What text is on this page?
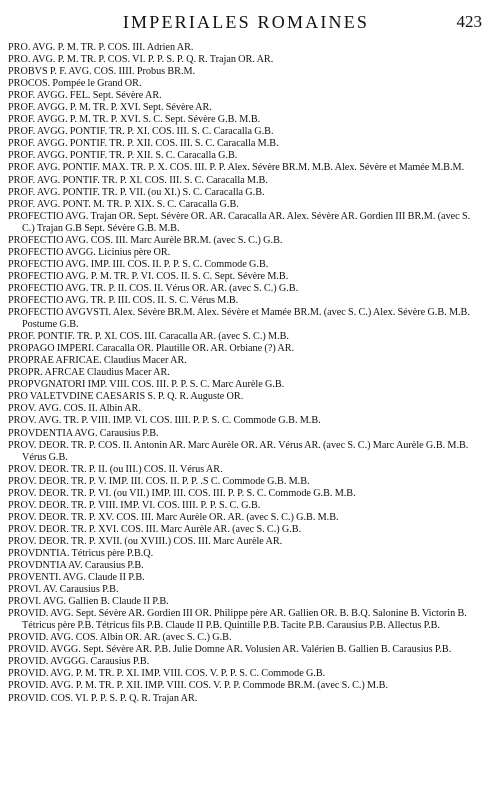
IMPERIALES ROMAINES	423
PRO. AVG. P. M. TR. P. COS. III. Adrien AR.
PRO. AVG. P. M. TR. P. COS. VI. P. P. S. P. Q. R. Trajan OR. AR.
PROBVS P. F. AVG. COS. IIII. Probus BR.M.
PROCOS. Pompée le Grand OR.
PROF. AVGG. FEL. Sept. Sévère AR.
PROF. AVGG. P. M. TR. P. XVI. Sept. Sévère AR.
PROF. AVGG. P. M. TR. P. XVI. S. C. Sept. Sévère G.B. M.B.
PROF. AVGG. PONTIF. TR. P. XI. COS. III. S. C. Caracalla G.B.
PROF. AVGG. PONTIF. TR. P. XII. COS. III. S. C. Caracalla M.B.
PROF. AVGG. PONTIF. TR. P. XII. S. C. Caracalla G.B.
PROF. AVG. PONTIF. MAX. TR. P. X. COS. III. P. P. Alex. Sévère BR.M. M.B. Alex. Sévère et Mamée M.B.M.
PROF. AVG. PONTIF. TR. P. XI. COS. III. S. C. Caracalla M.B.
PROF. AVG. PONTIF. TR. P. VII. (ou XI.) S. C. Caracalla G.B.
PROF. AVG. PONT. M. TR. P. XIX. S. C. Caracalla G.B.
PROFECTIO AVG. Trajan OR. Sept. Sévère OR. AR. Caracalla AR. Alex. Sévère AR. Gordien III BR.M. (avec S. C.) Trajan G.B Sept. Sévère G.B. M.B.
PROFECTIO AVG. COS. III. Marc Aurèle BR.M. (avec S. C.) G.B.
PROFECTIO AVGG. Licinius père OR.
PROFECTIO AVG. IMP. III. COS. II. P. P. S. C. Commode G.B.
PROFECTIO AVG. P. M. TR. P. VI. COS. II. S. C. Sept. Sévère M.B.
PROFECTIO AVG. TR. P. II. COS. II. Vérus OR. AR. (avec S. C.) G.B.
PROFECTIO AVG. TR. P. III. COS. II. S. C. Vérus M.B.
PROFECTIO AVGVSTI. Alex. Sévère BR.M. Alex. Sévère et Mamée BR.M. (avec S. C.) Alex. Sévère G.B. M.B. Postume G.B.
PROF. PONTIF. TR. P. XI. COS. III. Caracalla AR. (avec S. C.) M.B.
PROPAGO IMPERI. Caracalla OR. Plautille OR. AR. Orbiane (?) AR.
PROPRAE AFRICAE. Claudius Macer AR.
PROPR. AFRCAE Claudius Macer AR.
PROPVGNATORI IMP. VIII. COS. III. P. P. S. C. Marc Aurèle G.B.
PRO VALETVDINE CAESARIS S. P. Q. R. Auguste OR.
PROV. AVG. COS. II. Albin AR.
PROV. AVG. TR. P. VIII. IMP. VI. COS. IIII. P. P. S. C. Commode G.B. M.B.
PROVDENTIA AVG. Carausius P.B.
PROV. DEOR. TR. P. COS. II. Antonin AR. Marc Aurèle OR. AR. Vérus AR. (avec S. C.) Marc Aurèle G.B. M.B. Vérus G.B.
PROV. DEOR. TR. P. II. (ou III.) COS. II. Vérus AR.
PROV. DEOR. TR. P. V. IMP. III. COS. II. P. P. .S C. Commode G.B. M.B.
PROV. DEOR. TR. P. VI. (ou VII.) IMP. III. COS. III. P. P. S. C. Commode G.B. M.B.
PROV. DEOR. TR. P. VIII. IMP. VI. COS. IIII. P. P. S. C. G.B.
PROV. DEOR. TR. P. XV. COS. III. Marc Aurèle OR. AR. (avec S. C.) G.B. M.B.
PROV. DEOR. TR. P. XVI. COS. III. Marc Aurèle AR. (avec S. C.) G.B.
PROV. DEOR. TR. P. XVII. (ou XVIII.) COS. III. Marc Aurèle AR.
PROVDNTIA. Tétricus père P.B.Q.
PROVDNTIA AV. Carausius P.B.
PROVENTI. AVG. Claude II P.B.
PROVI. AV. Carausius P.B.
PROVI. AVG. Gallien B. Claude II P.B.
PROVID. AVG. Sept. Sévère AR. Gordien III OR. Philippe père AR. Gallien OR. B. B.Q. Salonine B. Victorin B. Tétricus père P.B. Tétricus fils P.B. Claude II P.B. Quintille P.B. Tacite P.B. Carausius P.B. Allectus P.B.
PROVID. AVG. COS. Albin OR. AR. (avec S. C.) G.B.
PROVID. AVGG. Sept. Sévère AR. P.B. Julie Domne AR. Volusien AR. Valérien B. Gallien B. Carausius P.B.
PROVID. AVGGG. Carausius P.B.
PROVID. AVG. P. M. TR. P. XI. IMP. VIII. COS. V. P. P. S. C. Commode G.B.
PROVID. AVG. P. M. TR. P. XII. IMP. VIII. COS. V. P. P. Commode BR.M. (avec S. C.) M.B.
PROVID. COS. VI. P. P. S. P. Q. R. Trajan AR.
